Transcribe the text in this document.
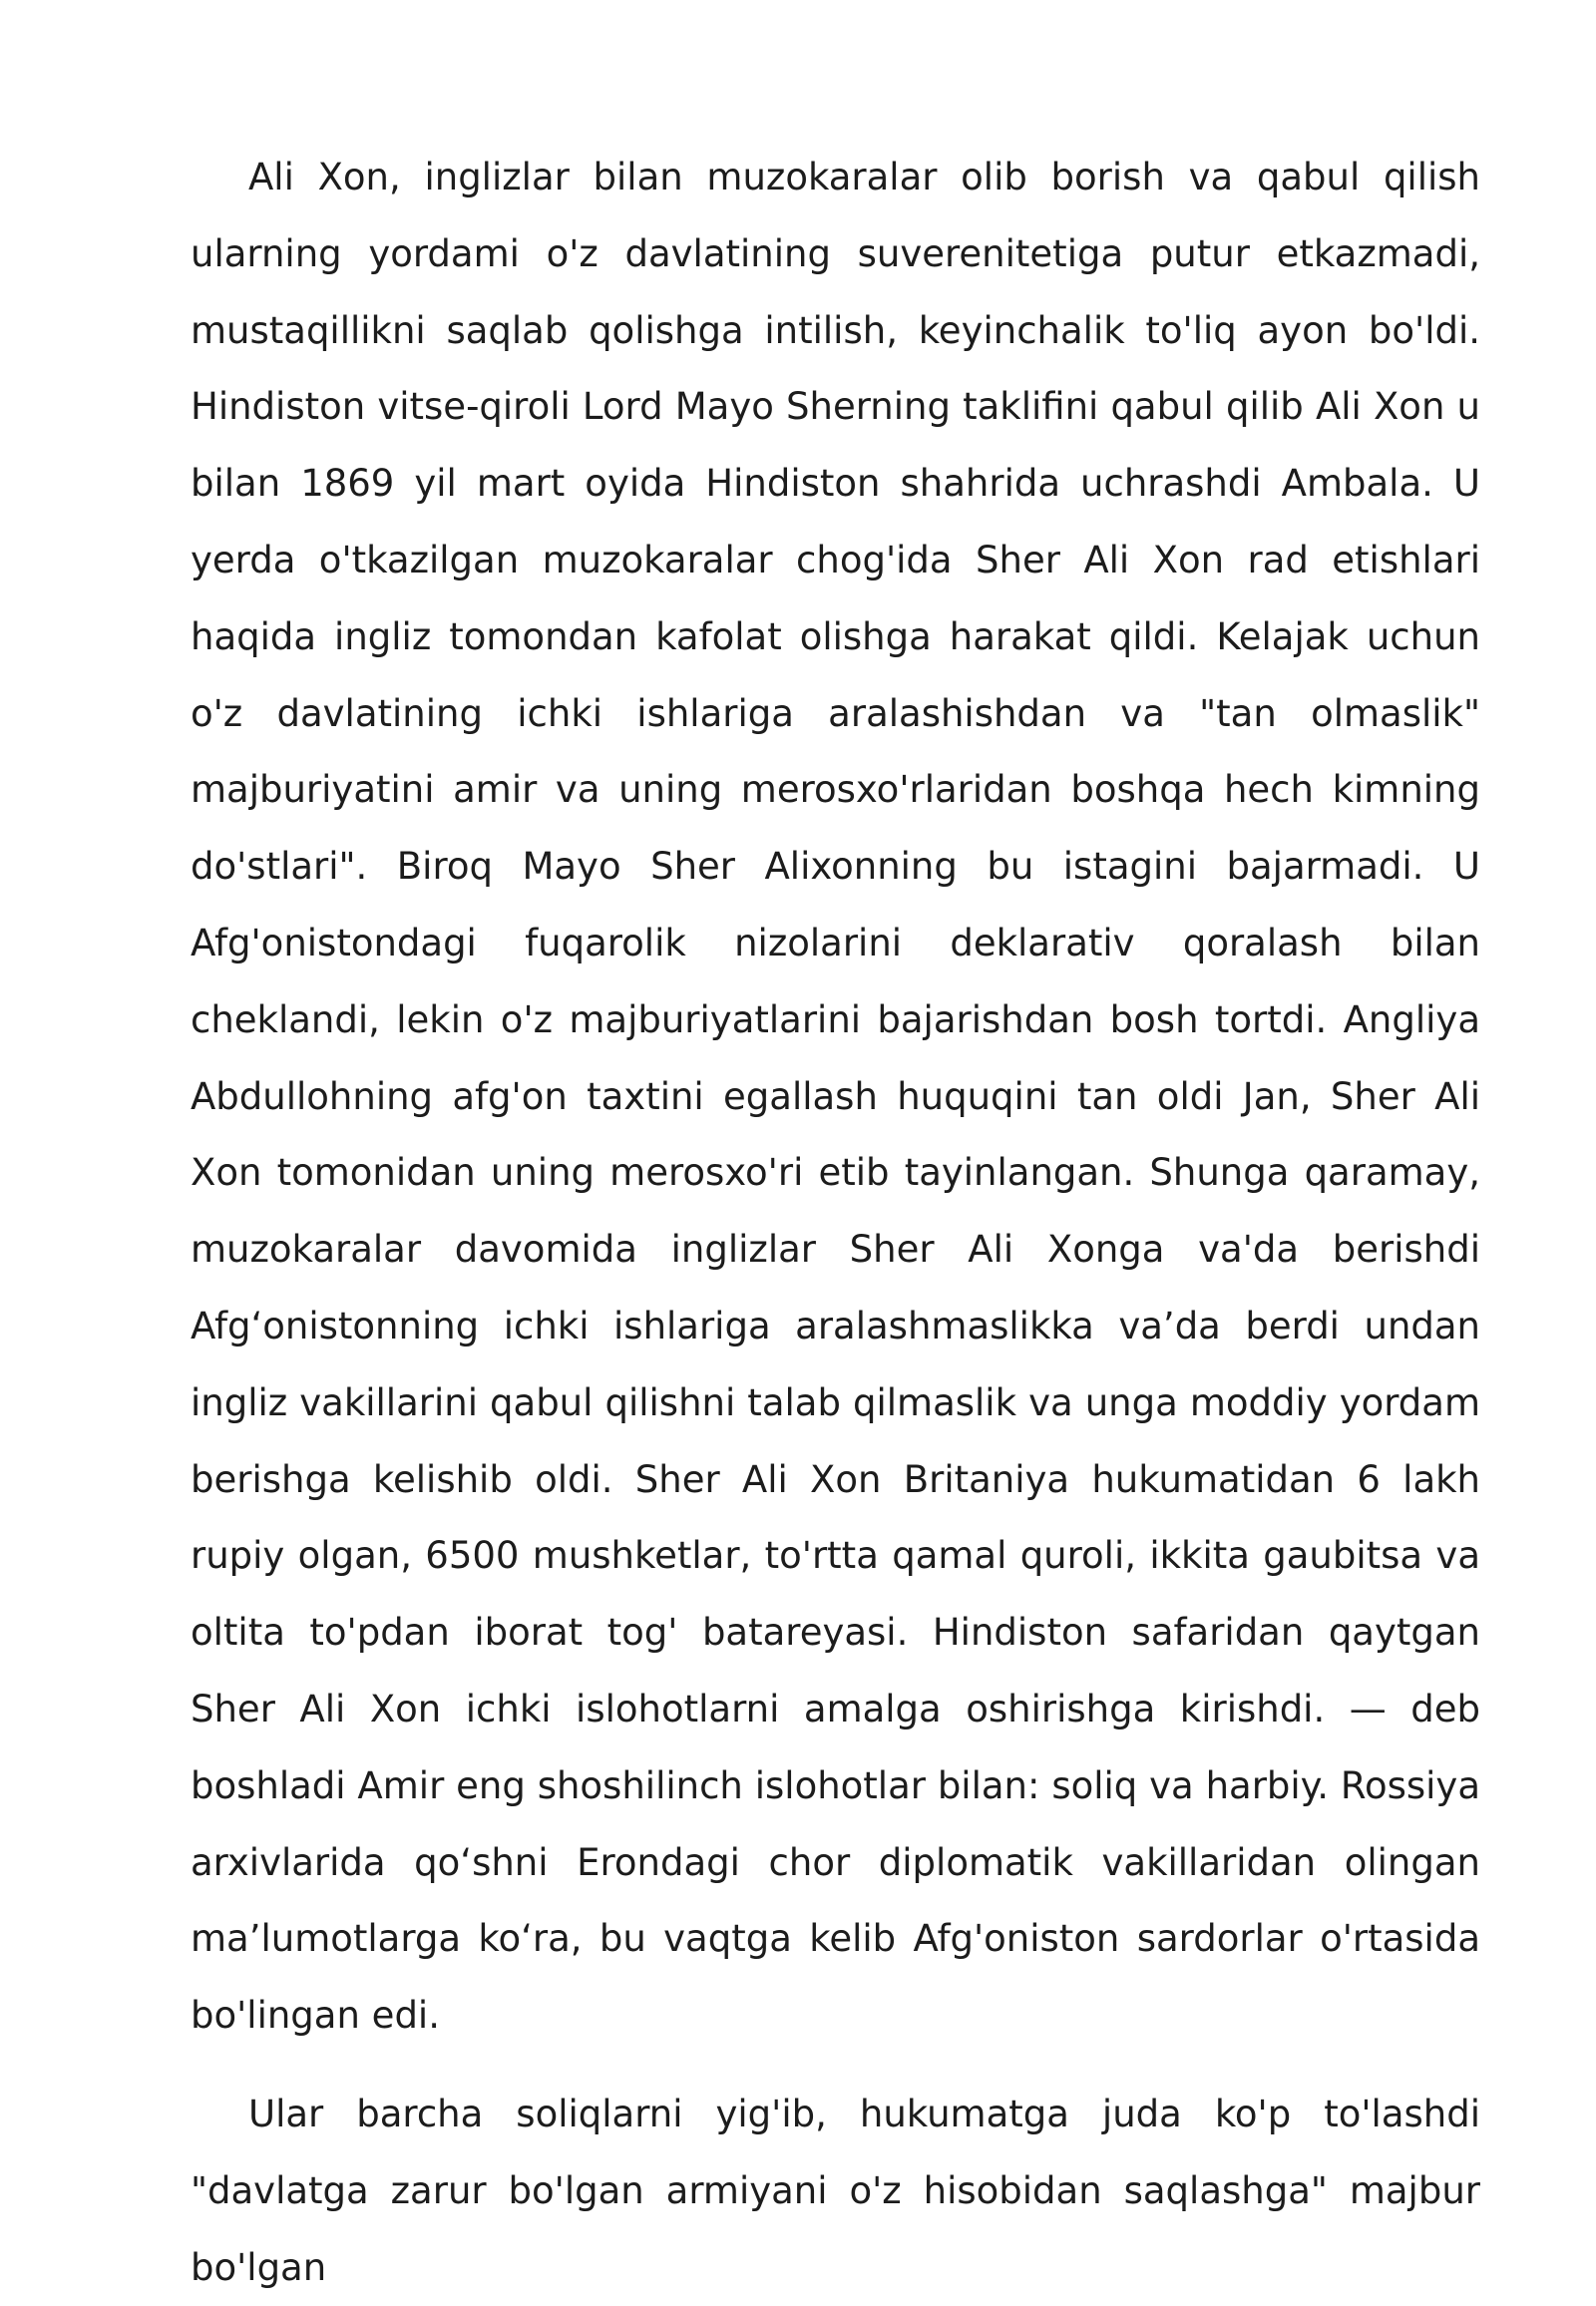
Ali Xon, inglizlar bilan muzokaralar olib borish va qabul qilish ularning yordami o'z davlatining suverenitetiga putur etkazmadi, mustaqillikni saqlab qolishga intilish, keyinchalik to'liq ayon bo'ldi. Hindiston vitse-qiroli Lord Mayo Sherning taklifini qabul qilib Ali Xon u bilan 1869 yil mart oyida Hindiston shahrida uchrashdi Ambala. U yerda o'tkazilgan muzokaralar chog'ida Sher Ali Xon rad etishlari haqida ingliz tomondan kafolat olishga harakat qildi. Kelajak uchun o'z davlatining ichki ishlariga aralashishdan va "tan olmaslik" majburiyatini amir va uning merosxo'rlaridan boshqa hech kimning do'stlari". Biroq Mayo Sher Alixonning bu istagini bajarmadi. U Afg'onistondagi fuqarolik nizolarini deklarativ qoralash bilan cheklandi, lekin o'z majburiyatlarini bajarishdan bosh tortdi. Angliya Abdullohning afg'on taxtini egallash huquqini tan oldi Jan, Sher Ali Xon tomonidan uning merosxo'ri etib tayinlangan. Shunga qaramay, muzokaralar davomida inglizlar Sher Ali Xonga va'da berishdi Afg‘onistonning ichki ishlariga aralashmaslikka va’da berdi undan ingliz vakillarini qabul qilishni talab qilmaslik va unga moddiy yordam berishga kelishib oldi. Sher Ali Xon Britaniya hukumatidan 6 lakh rupiy olgan, 6500 mushketlar, to'rtta qamal quroli, ikkita gaubitsa va oltita to'pdan iborat tog' batareyasi. Hindiston safaridan qaytgan Sher Ali Xon ichki islohotlarni amalga oshirishga kirishdi. — deb boshladi Amir eng shoshilinch islohotlar bilan: soliq va harbiy. Rossiya arxivlarida qo‘shni Erondagi chor diplomatik vakillaridan olingan ma’lumotlarga ko‘ra, bu vaqtga kelib Afg'oniston sardorlar o'rtasida bo'lingan edi.

Ular barcha soliqlarni yig'ib, hukumatga juda ko'p to'lashdi "davlatga zarur bo'lgan armiyani o'z hisobidan saqlashga" majbur bo'lgan
